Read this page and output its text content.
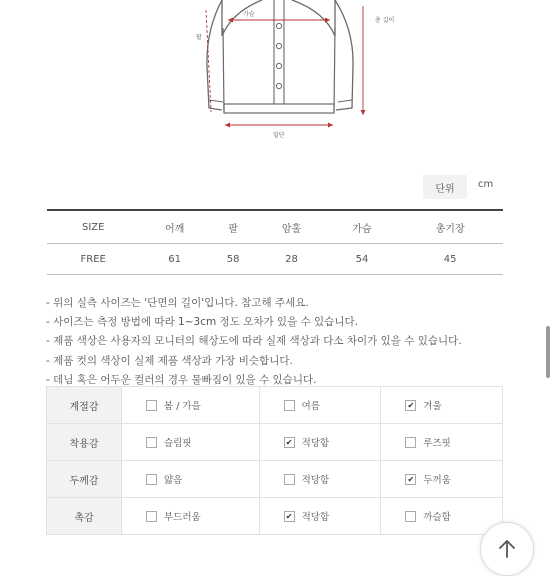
가슴
팔
총 길이
밑단
단위 cm
SIZE	어깨	팔	암홀	가슴	총기장
FREE	61	58	28	54	45
- 위의 실측 사이즈는 '단면의 길이'입니다. 참고해 주세요.
- 사이즈는 측정 방법에 따라 1~3cm 정도 오차가 있을 수 있습니다.
- 제품 색상은 사용자의 모니터의 해상도에 따라 실제 색상과 다소 차이가 있을 수 있습니다.
- 제품 컷의 색상이 실제 제품 색상과 가장 비슷합니다.
- 데님 혹은 어두운 컬러의 경우 물빠짐이 있을 수 있습니다.
계절감	봄 / 가을	여름	✔ 겨울

착용감	슬림핏	✔ 적당함	루즈핏

두께감	얇음	적당함	✔ 두꺼움

촉감	부드러움	✔ 적당함	까슬함
